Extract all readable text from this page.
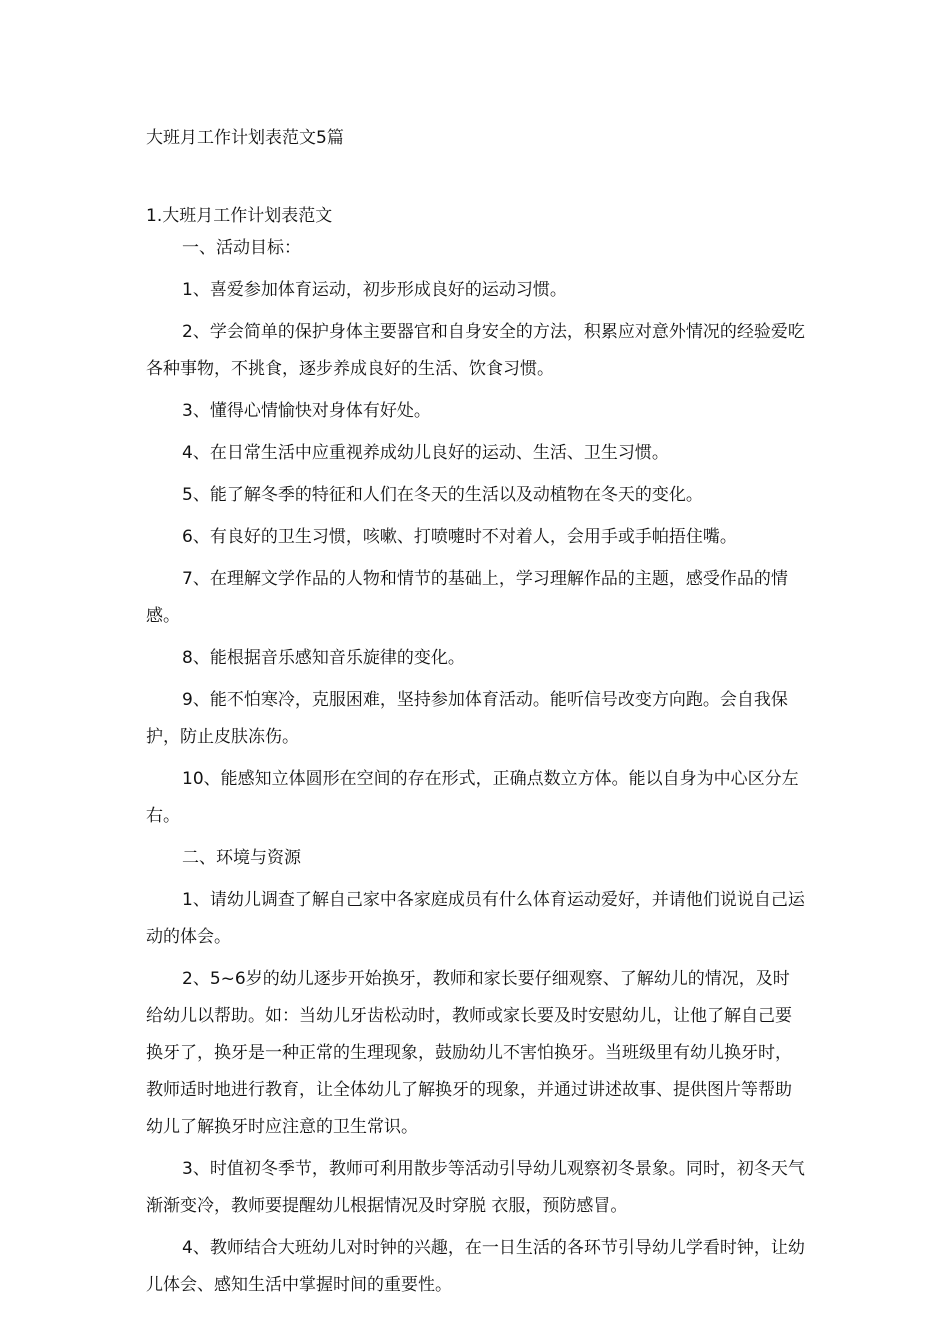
大班月工作计划表范文5篇
1.大班月工作计划表范文

一、活动目标：

1、喜爱参加体育运动，初步形成良好的运动习惯。

2、学会简单的保护身体主要器官和自身安全的方法，积累应对意外情况的经验爱吃各种事物，不挑食，逐步养成良好的生活、饮食习惯。

3、懂得心情愉快对身体有好处。

4、在日常生活中应重视养成幼儿良好的运动、生活、卫生习惯。

5、能了解冬季的特征和人们在冬天的生活以及动植物在冬天的变化。

6、有良好的卫生习惯，咳嗽、打喷嚏时不对着人，会用手或手帕捂住嘴。

7、在理解文学作品的人物和情节的基础上，学习理解作品的主题，感受作品的情感。

8、能根据音乐感知音乐旋律的变化。

9、能不怕寒冷，克服困难，坚持参加体育活动。能听信号改变方向跑。会自我保护，防止皮肤冻伤。

10、能感知立体圆形在空间的存在形式，正确点数立方体。能以自身为中心区分左右。

二、环境与资源

1、请幼儿调查了解自己家中各家庭成员有什么体育运动爱好，并请他们说说自己运动的体会。

2、5~6岁的幼儿逐步开始换牙，教师和家长要仔细观察、了解幼儿的情况，及时给幼儿以帮助。如：当幼儿牙齿松动时，教师或家长要及时安慰幼儿，让他了解自己要换牙了，换牙是一种正常的生理现象，鼓励幼儿不害怕换牙。当班级里有幼儿换牙时，教师适时地进行教育，让全体幼儿了解换牙的现象，并通过讲述故事、提供图片等帮助幼儿了解换牙时应注意的卫生常识。

3、时值初冬季节，教师可利用散步等活动引导幼儿观察初冬景象。同时，初冬天气渐渐变冷，教师要提醒幼儿根据情况及时穿脱 衣服，预防感冒。

4、教师结合大班幼儿对时钟的兴趣，在一日生活的各环节引导幼儿学看时钟，让幼儿体会、感知生活中掌握时间的重要性。
